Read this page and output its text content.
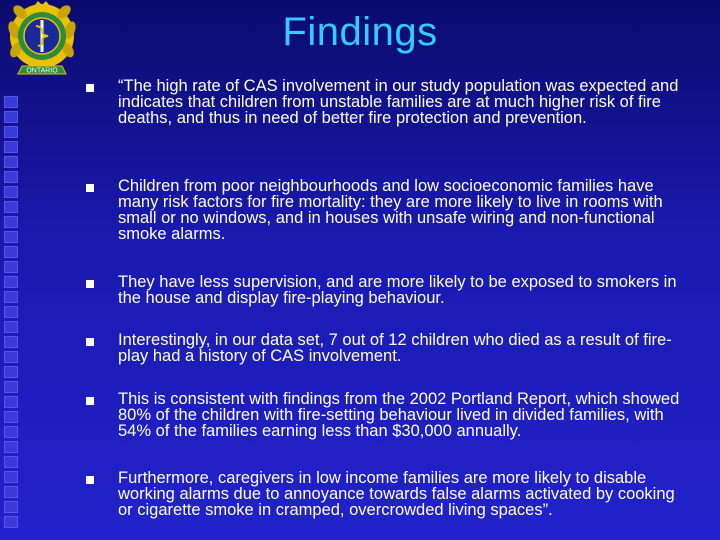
ONTARIO
Findings
“The high rate of CAS involvement in our study population was expected and indicates that children from unstable families are at much higher risk of fire deaths, and thus in need of better fire protection and prevention.
Children from poor neighbourhoods and low socioeconomic families have many risk factors for fire mortality: they are more likely to live in rooms with small or no windows, and in houses with unsafe wiring and non-functional smoke alarms.
They have less supervision, and are more likely to be exposed to smokers in the house and display fire-playing behaviour.
Interestingly, in our data set, 7 out of 12 children who died as a result of fire-play had a history of CAS involvement.
This is consistent with findings from the 2002 Portland Report, which showed 80% of the children with fire-setting behaviour lived in divided families, with 54% of the families earning less than $30,000 annually.
Furthermore, caregivers in low income families are more likely to disable working alarms due to annoyance towards false alarms activated by cooking or cigarette smoke in cramped, overcrowded living spaces”.
